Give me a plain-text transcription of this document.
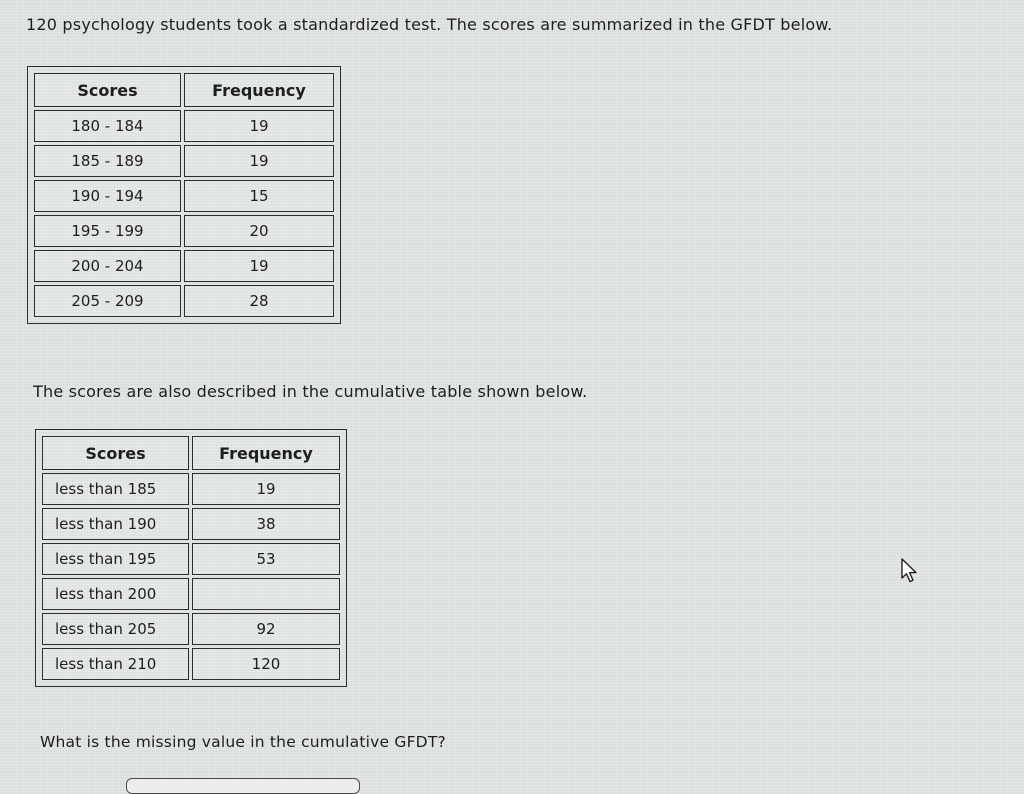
120 psychology students took a standardized test. The scores are summarized in the GFDT below.
Scores	Frequency
180 - 184	19
185 - 189	19
190 - 194	15
195 - 199	20
200 - 204	19
205 - 209	28
The scores are also described in the cumulative table shown below.
Scores	Frequency
less than 185	19
less than 190	38
less than 195	53
less than 200	
less than 205	92
less than 210	120
What is the missing value in the cumulative GFDT?
